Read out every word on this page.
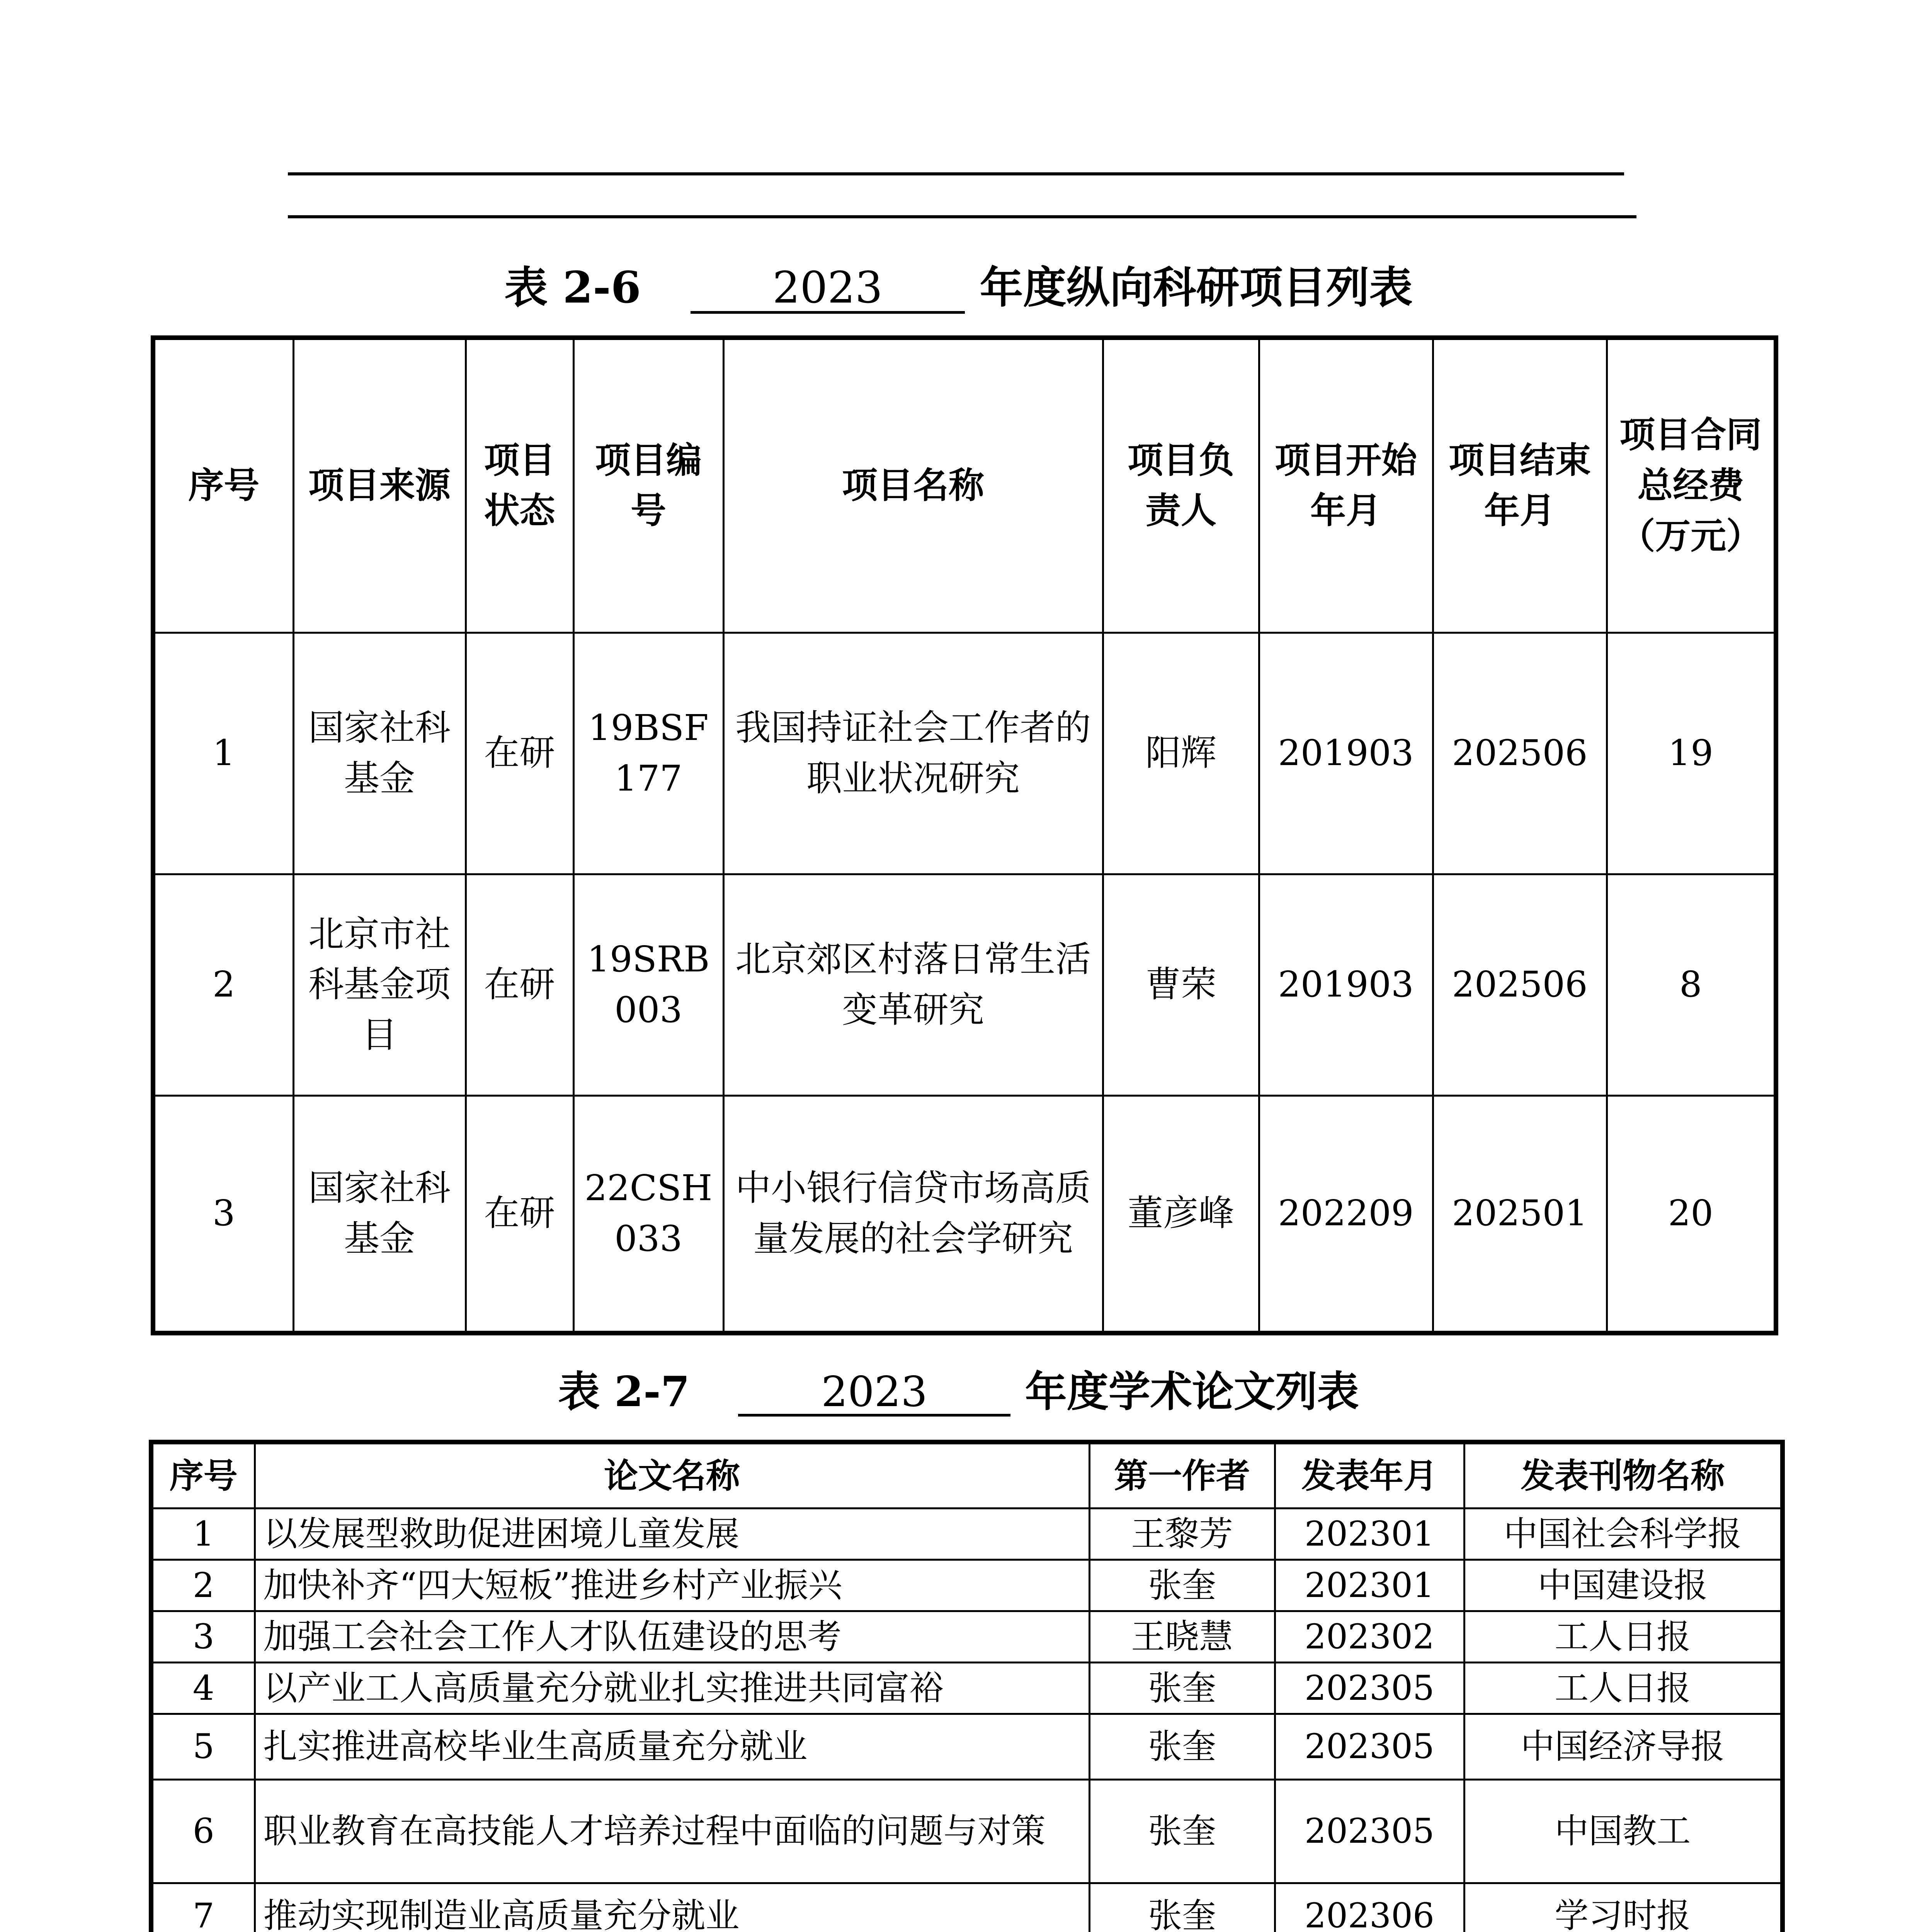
表 2-6	2023 年度纵向科研项目列表
序号	项目来源	项目状态	项目编号	项目名称	项目负责人	项目开始年月	项目结束年月	项目合同总经费（万元）
1	国家社科基金	在研	19BSF177	我国持证社会工作者的职业状况研究	阳辉	201903	202506	19
2	北京市社科基金项目	在研	19SRB003	北京郊区村落日常生活变革研究	曹荣	201903	202506	8
3	国家社科基金	在研	22CSH033	中小银行信贷市场高质量发展的社会学研究	董彦峰	202209	202501	20
表 2-7	2023 年度学术论文列表
序号	论文名称	第一作者	发表年月	发表刊物名称
1	以发展型救助促进困境儿童发展	王黎芳	202301	中国社会科学报
2	加快补齐“四大短板”推进乡村产业振兴	张奎	202301	中国建设报
3	加强工会社会工作人才队伍建设的思考	王晓慧	202302	工人日报
4	以产业工人高质量充分就业扎实推进共同富裕	张奎	202305	工人日报
5	扎实推进高校毕业生高质量充分就业	张奎	202305	中国经济导报
6	职业教育在高技能人才培养过程中面临的问题与对策	张奎	202305	中国教工
7	推动实现制造业高质量充分就业	张奎	202306	学习时报
